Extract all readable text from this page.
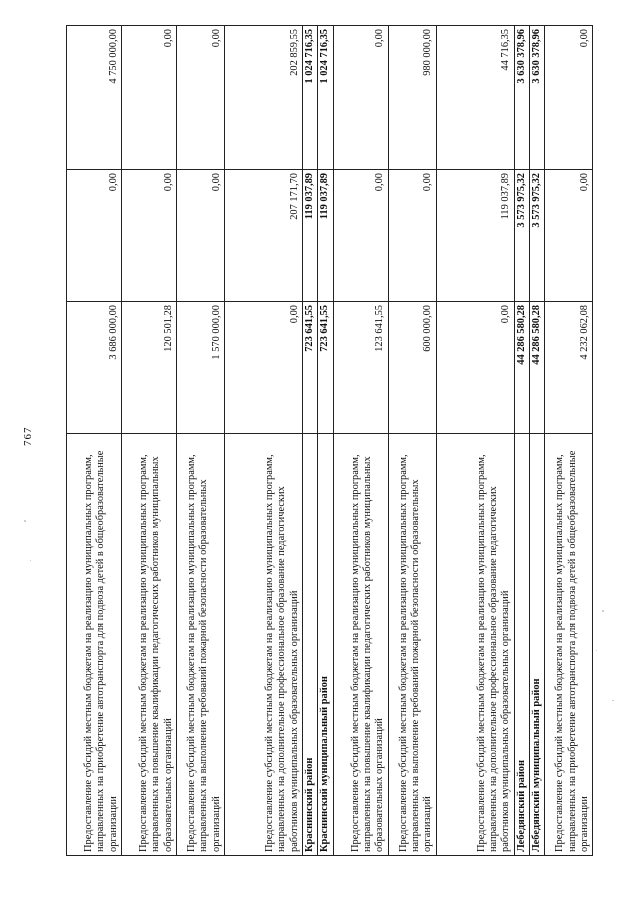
767
Предоставление субсидий местным бюджетам на реализацию муниципальных программ, направленных на приобретение автотранспорта для подвоза детей в общеобразовательные организации	3 686 000,00	0,00	4 750 000,00
Предоставление субсидий местным бюджетам на реализацию муниципальных программ, направленных на повышение квалификации педагогических работников муниципальных образовательных организаций	120 501,28	0,00	0,00
Предоставление субсидий местным бюджетам на реализацию муниципальных программ, направленных на выполнение требований пожарной безопасности образовательных организаций	1 570 000,00	0,00	0,00
Предоставление субсидий местным бюджетам на реализацию муниципальных программ, направленных на дополнительное профессиональное образование педагогических работников муниципальных образовательных организаций	0,00	207 171,70	202 859,55
Краснинский район	723 641,55	119 037,89	1 024 716,35
Краснинский муниципальный район	723 641,55	119 037,89	1 024 716,35
Предоставление субсидий местным бюджетам на реализацию муниципальных программ, направленных на повышение квалификации педагогических работников муниципальных образовательных организаций	123 641,55	0,00	0,00
Предоставление субсидий местным бюджетам на реализацию муниципальных программ, направленных на выполнение требований пожарной безопасности образовательных организаций	600 000,00	0,00	980 000,00
Предоставление субсидий местным бюджетам на реализацию муниципальных программ, направленных на дополнительное профессиональное образование педагогических работников муниципальных образовательных организаций	0,00	119 037,89	44 716,35
Лебедянский район	44 286 580,28	3 573 975,32	3 630 378,96
Лебедянский муниципальный район	44 286 580,28	3 573 975,32	3 630 378,96
Предоставление субсидий местным бюджетам на реализацию муниципальных программ, направленных на приобретение автотранспорта для подвоза детей в общеобразовательные организации	4 232 062,08	0,00	0,00
